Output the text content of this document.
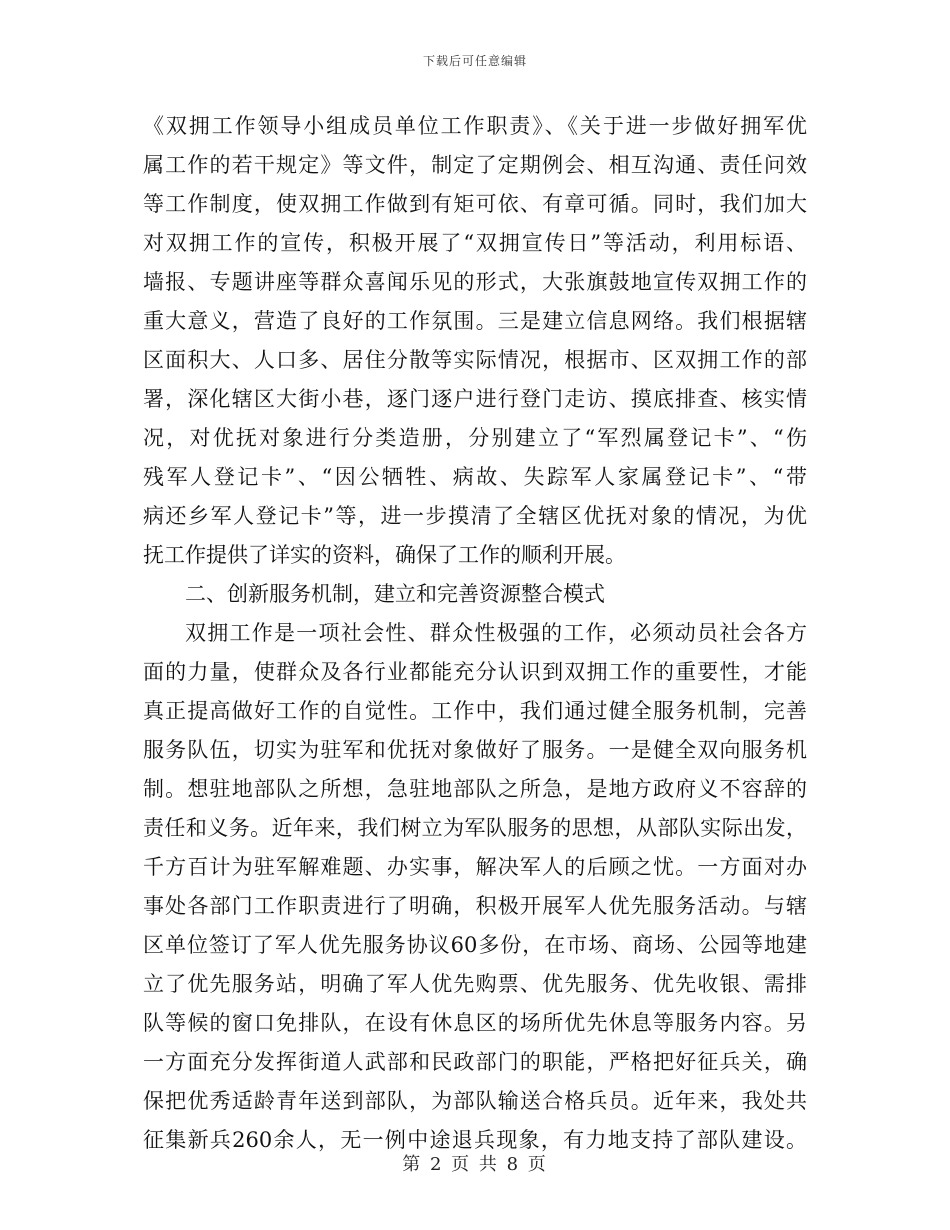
下载后可任意编辑
《双拥工作领导小组成员单位工作职责》、《关于进一步做好拥军优
属工作的若干规定》等文件，制定了定期例会、相互沟通、责任问效
等工作制度，使双拥工作做到有矩可依、有章可循。同时，我们加大
对双拥工作的宣传，积极开展了“双拥宣传日”等活动，利用标语、
墙报、专题讲座等群众喜闻乐见的形式，大张旗鼓地宣传双拥工作的
重大意义，营造了良好的工作氛围。三是建立信息网络。我们根据辖
区面积大、人口多、居住分散等实际情况，根据市、区双拥工作的部
署，深化辖区大街小巷，逐门逐户进行登门走访、摸底排查、核实情
况，对优抚对象进行分类造册，分别建立了“军烈属登记卡”、“伤
残军人登记卡”、“因公牺牲、病故、失踪军人家属登记卡”、“带
病还乡军人登记卡”等，进一步摸清了全辖区优抚对象的情况，为优
抚工作提供了详实的资料，确保了工作的顺利开展。
二、创新服务机制，建立和完善资源整合模式
双拥工作是一项社会性、群众性极强的工作，必须动员社会各方
面的力量，使群众及各行业都能充分认识到双拥工作的重要性，才能
真正提高做好工作的自觉性。工作中，我们通过健全服务机制，完善
服务队伍，切实为驻军和优抚对象做好了服务。一是健全双向服务机
制。想驻地部队之所想，急驻地部队之所急，是地方政府义不容辞的
责任和义务。近年来，我们树立为军队服务的思想，从部队实际出发，
千方百计为驻军解难题、办实事，解决军人的后顾之忧。一方面对办
事处各部门工作职责进行了明确，积极开展军人优先服务活动。与辖
区单位签订了军人优先服务协议60多份，在市场、商场、公园等地建
立了优先服务站，明确了军人优先购票、优先服务、优先收银、需排
队等候的窗口免排队，在设有休息区的场所优先休息等服务内容。另
一方面充分发挥街道人武部和民政部门的职能，严格把好征兵关，确
保把优秀适龄青年送到部队，为部队输送合格兵员。近年来，我处共
征集新兵260余人，无一例中途退兵现象，有力地支持了部队建设。
第 2 页 共 8 页
